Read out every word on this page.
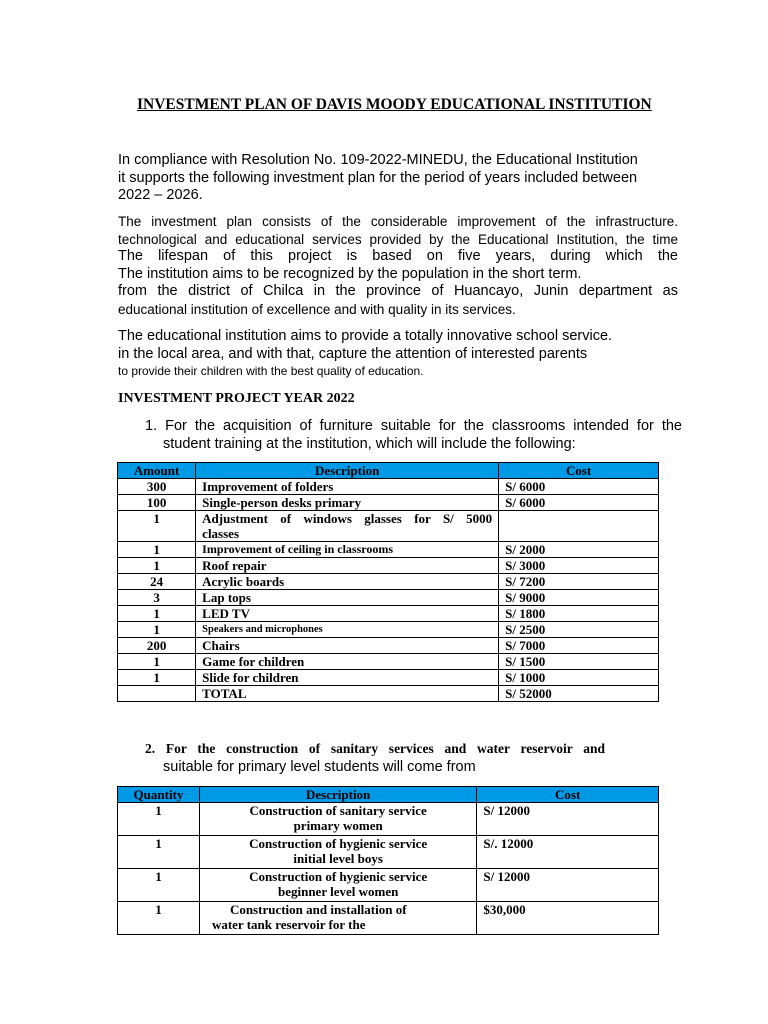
INVESTMENT PLAN OF DAVIS MOODY EDUCATIONAL INSTITUTION
In compliance with Resolution No. 109-2022-MINEDU, the Educational Institution
it supports the following investment plan for the period of years included between
2022 – 2026.
The investment plan consists of the considerable improvement of the infrastructure.
technological and educational services provided by the Educational Institution, the time
The lifespan of this project is based on five years, during which the
The institution aims to be recognized by the population in the short term.
from the district of Chilca in the province of Huancayo, Junin department as
educational institution of excellence and with quality in its services.
The educational institution aims to provide a totally innovative school service.
in the local area, and with that, capture the attention of interested parents
to provide their children with the best quality of education.
INVESTMENT PROJECT YEAR 2022
1. For the acquisition of furniture suitable for the classrooms intended for the
student training at the institution, which will include the following:
Amount	Description	Cost
300	Improvement of folders	S/ 6000
100	Single-person desks primary	S/ 6000
1	Adjustment of windows glasses for S/ 5000
classes	

1	Improvement of ceiling in classrooms	S/ 2000
1	Roof repair	S/ 3000
24	Acrylic boards	S/ 7200
3	Lap tops	S/ 9000
1	LED TV	S/ 1800
1	Speakers and microphones	S/ 2500
200	Chairs	S/ 7000
1	Game for children	S/ 1500
1	Slide for children	S/ 1000
	TOTAL	S/ 52000
2. For the construction of sanitary services and water reservoir and
suitable for primary level students will come from
Quantity	Description	Cost
1	Construction of sanitary service
primary women	S/ 12000
1	Construction of hygienic service
initial level boys	S/. 12000
1	Construction of hygienic service
beginner level women	S/ 12000
1	Construction and installation of
water tank reservoir for the	$30,000
